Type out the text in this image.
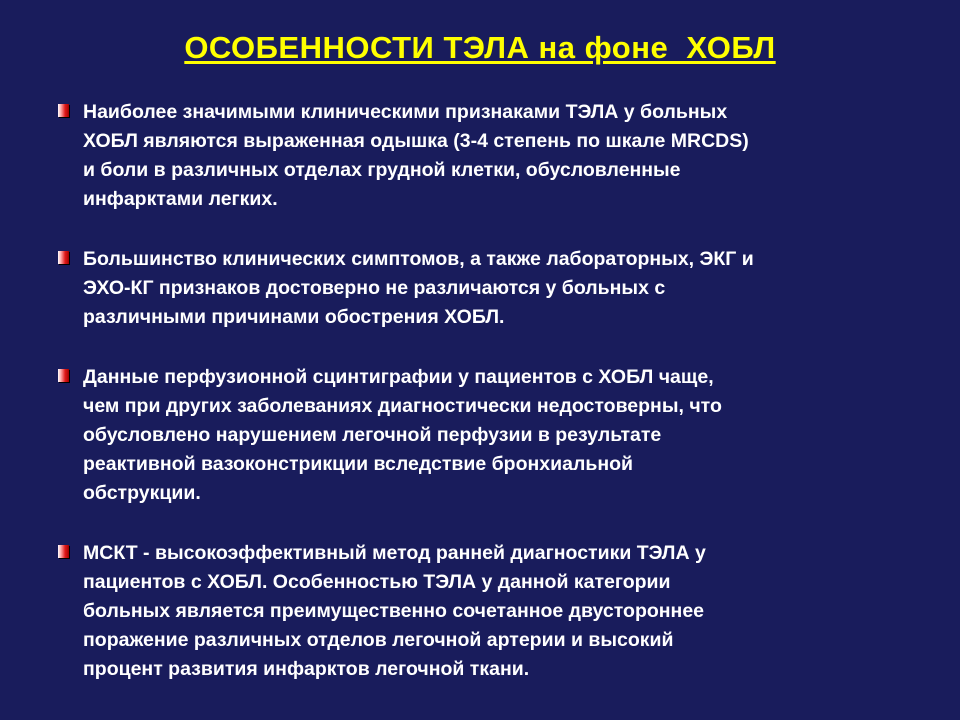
ОСОБЕННОСТИ ТЭЛА на фоне  ХОБЛ
Наиболее значимыми клиническими признаками ТЭЛА у больных
ХОБЛ являются выраженная одышка (3-4 степень по шкале MRCDS)
и боли в различных отделах грудной клетки, обусловленные
инфарктами легких.
Большинство клинических симптомов, а также лабораторных, ЭКГ и
ЭХО-КГ признаков достоверно не различаются у больных с
различными причинами обострения ХОБЛ.
Данные перфузионной сцинтиграфии у пациентов с ХОБЛ чаще,
чем при других заболеваниях диагностически недостоверны, что
обусловлено нарушением легочной перфузии в результате
реактивной вазоконстрикции вследствие бронхиальной
обструкции.
МСКТ - высокоэффективный метод ранней диагностики ТЭЛА у
пациентов с ХОБЛ. Особенностью ТЭЛА у данной категории
больных является преимущественно сочетанное двустороннее
поражение различных отделов легочной артерии и высокий
процент развития инфарктов легочной ткани.
